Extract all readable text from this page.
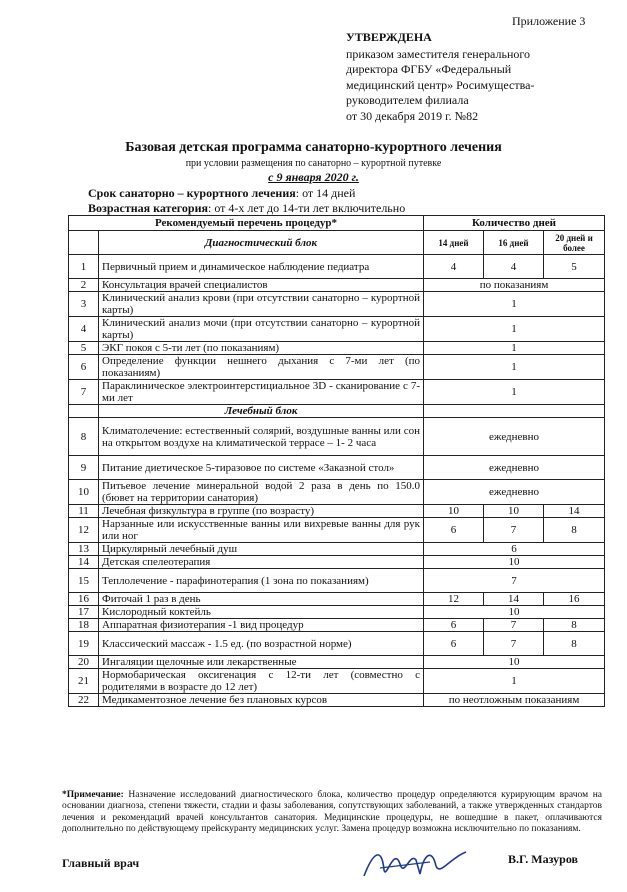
Приложение 3
УТВЕРЖДЕНА
приказом заместителя генерального
директора ФГБУ «Федеральный
медицинский центр» Росимущества-
руководителем филиала
от 30 декабря 2019 г. №82
Базовая детская программа санаторно-курортного лечения
при условии размещения по санаторно – курортной путевке
с 9 января 2020 г.
Срок санаторно – курортного лечения: от 14 дней
Возрастная категория: от 4-х лет до 14-ти лет включительно
Рекомендуемый перечень процедур*		Количество дней		
	Диагностический блок	14 дней	16 дней	20 дней и более
1	Первичный прием и динамическое наблюдение педиатра	4	4	5
2	Консультация врачей специалистов	по показаниям		
3	Клинический анализ крови (при отсутствии санаторно – курортной карты)	1		
4	Клинический анализ мочи (при отсутствии санаторно – курортной карты)	1		
5	ЭКГ покоя с 5-ти лет (по показаниям)	1		
6	Определение функции нешнего дыхания с 7-ми лет (по показаниям)	1		
7	Параклиническое электроинтерстициальное 3D - сканирование с 7-ми лет	1		
	Лечебный блок			
8	Климатолечение: естественный солярий, воздушные ванны или сон на открытом воздухе на климатической террасе – 1- 2 часа	ежедневно		
9	Питание диетическое 5-тиразовое по системе «Заказной стол»	ежедневно		
10	Питьевое лечение минеральной водой 2 раза в день по 150.0 (бювет на территории санатория)	ежедневно		
11	Лечебная физкультура в группе (по возрасту)	10	10	14
12	Нарзанные или искусственные ванны или вихревые ванны для рук или ног	6	7	8
13	Циркулярный лечебный душ	6		
14	Детская спелеотерапия	10		
15	Теплолечение - парафинотерапия (1 зона по показаниям)	7		
16	Фиточай 1 раз в день	12	14	16
17	Кислородный коктейль	10		
18	Аппаратная физиотерапия -1 вид процедур	6	7	8
19	Классический массаж - 1.5 ед. (по возрастной норме)	6	7	8
20	Ингаляции щелочные или лекарственные	10		
21	Нормобарическая оксигенация с 12-ти лет (совместно с родителями в возрасте до 12 лет)	1		
22	Медикаментозное лечение без плановых курсов	по неотложным показаниям		
*Примечание: Назначение исследований диагностического блока, количество процедур определяются курирующим врачом на основании диагноза, степени тяжести, стадии и фазы заболевания, сопутствующих заболеваний, а также утвержденных стандартов лечения и рекомендаций врачей консультантов санатория. Медицинские процедуры, не вошедшие в пакет, оплачиваются дополнительно по действующему прейскуранту медицинских услуг. Замена процедур возможна исключительно по показаниям.
Главный врач	В.Г. Мазуров
